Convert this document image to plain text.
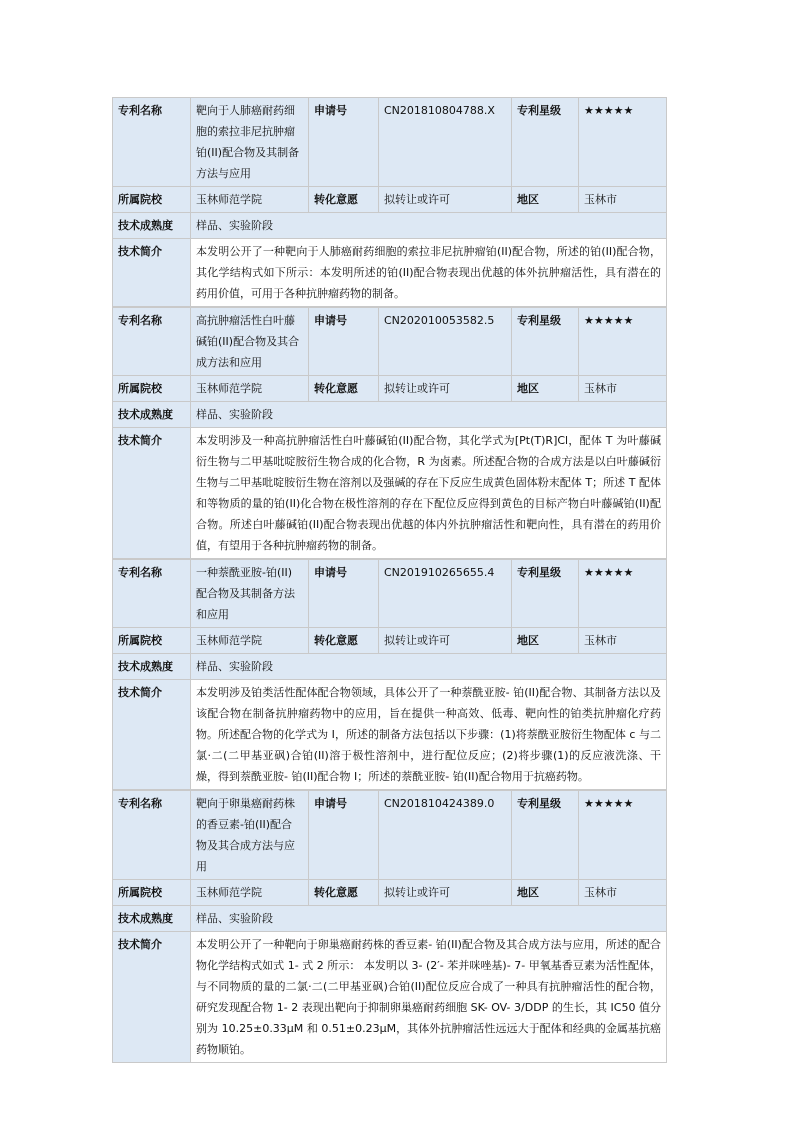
专利名称	靶向于人肺癌耐药细胞的索拉非尼抗肿瘤铂(II)配合物及其制备方法与应用	申请号	CN201810804788.X	专利星级	★★★★★
所属院校	玉林师范学院	转化意愿	拟转让或许可	地区	玉林市
技术成熟度	样品、实验阶段				
技术简介	本发明公开了一种靶向于人肺癌耐药细胞的索拉非尼抗肿瘤铂(II)配合物，所述的铂(II)配合物，其化学结构式如下所示：本发明所述的铂(II)配合物表现出优越的体外抗肿瘤活性，具有潜在的药用价值，可用于各种抗肿瘤药物的制备。				
专利名称	高抗肿瘤活性白叶藤碱铂(II)配合物及其合成方法和应用	申请号	CN202010053582.5	专利星级	★★★★★
所属院校	玉林师范学院	转化意愿	拟转让或许可	地区	玉林市
技术成熟度	样品、实验阶段				
技术简介	本发明涉及一种高抗肿瘤活性白叶藤碱铂(II)配合物，其化学式为[Pt(T)R]Cl，配体 T 为叶藤碱衍生物与二甲基吡啶胺衍生物合成的化合物，R 为卤素。所述配合物的合成方法是以白叶藤碱衍生物与二甲基吡啶胺衍生物在溶剂以及强碱的存在下反应生成黄色固体粉末配体 T；所述 T 配体和等物质的量的铂(II)化合物在极性溶剂的存在下配位反应得到黄色的目标产物白叶藤碱铂(II)配合物。所述白叶藤碱铂(II)配合物表现出优越的体内外抗肿瘤活性和靶向性，具有潜在的药用价值，有望用于各种抗肿瘤药物的制备。				
专利名称	一种萘酰亚胺-铂(II)配合物及其制备方法和应用	申请号	CN201910265655.4	专利星级	★★★★★
所属院校	玉林师范学院	转化意愿	拟转让或许可	地区	玉林市
技术成熟度	样品、实验阶段				
技术简介	本发明涉及铂类活性配体配合物领域，具体公开了一种萘酰亚胺- 铂(II)配合物、其制备方法以及该配合物在制备抗肿瘤药物中的应用，旨在提供一种高效、低毒、靶向性的铂类抗肿瘤化疗药物。所述配合物的化学式为 I，所述的制备方法包括以下步骤：(1)将萘酰亚胺衍生物配体 c 与二氯·二(二甲基亚砜)合铂(II)溶于极性溶剂中，进行配位反应；(2)将步骤(1)的反应液洗涤、干燥，得到萘酰亚胺- 铂(II)配合物 I；所述的萘酰亚胺- 铂(II)配合物用于抗癌药物。				
专利名称	靶向于卵巢癌耐药株的香豆素-铂(II)配合物及其合成方法与应用	申请号	CN201810424389.0	专利星级	★★★★★
所属院校	玉林师范学院	转化意愿	拟转让或许可	地区	玉林市
技术成熟度	样品、实验阶段				
技术简介	本发明公开了一种靶向于卵巢癌耐药株的香豆素- 铂(II)配合物及其合成方法与应用，所述的配合物化学结构式如式 1- 式 2 所示： 本发明以 3- (2′- 苯并咪唑基)- 7- 甲氧基香豆素为活性配体，与不同物质的量的二氯·二(二甲基亚砜)合铂(II)配位反应合成了一种具有抗肿瘤活性的配合物，研究发现配合物 1- 2 表现出靶向于抑制卵巢癌耐药细胞 SK- OV- 3/DDP 的生长，其 IC50 值分别为 10.25±0.33μM 和 0.51±0.23μM，其体外抗肿瘤活性远远大于配体和经典的金属基抗癌药物顺铂。				
